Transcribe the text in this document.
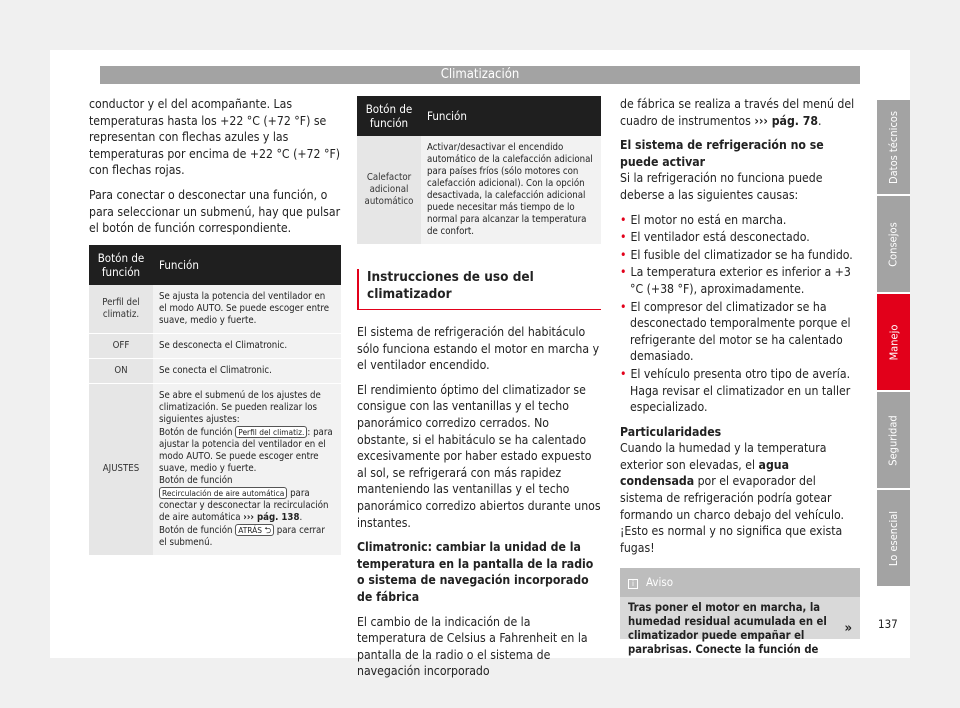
Climatización

conductor y el del acompañante. Las temperaturas hasta los +22 °C (+72 °F) se representan con flechas azules y las temperaturas por encima de +22 °C (+72 °F) con flechas rojas.

Para conectar o desconectar una función, o para seleccionar un submenú, hay que pulsar el botón de función correspondiente.

Botón de función	Función
Perfil del climatiz.	Se ajusta la potencia del ventilador en el modo AUTO. Se puede escoger entre suave, medio y fuerte.
OFF	Se desconecta el Climatronic.
ON	Se conecta el Climatronic.
AJUSTES	Se abre el submenú de los ajustes de climatización. Se pueden realizar los siguientes ajustes:
Botón de función Perfil del climatiz. : para ajustar la potencia del ventilador en el modo AUTO. Se puede escoger entre suave, medio y fuerte.
Botón de función
Recirculación de aire automática para conectar y desconectar la recirculación de aire automática ››› pág. 138.
Botón de función ATRÁS ⮌ para cerrar el submenú.
Botón de función	Función
Calefactor adicional automático	Activar/desactivar el encendido automático de la calefacción adicional para países fríos (sólo motores con calefacción adicional). Con la opción desactivada, la calefacción adicional puede necesitar más tiempo de lo normal para alcanzar la temperatura de confort.
Instrucciones de uso del climatizador

El sistema de refrigeración del habitáculo sólo funciona estando el motor en marcha y el ventilador encendido.

El rendimiento óptimo del climatizador se consigue con las ventanillas y el techo panorámico corredizo cerrados. No obstante, si el habitáculo se ha calentado excesivamente por haber estado expuesto al sol, se refrigerará con más rapidez manteniendo las ventanillas y el techo panorámico corredizo abiertos durante unos instantes.

Climatronic: cambiar la unidad de la temperatura en la pantalla de la radio o sistema de navegación incorporado de fábrica

El cambio de la indicación de la temperatura de Celsius a Fahrenheit en la pantalla de la radio o el sistema de navegación incorporado

de fábrica se realiza a través del menú del cuadro de instrumentos ››› pág. 78.

El sistema de refrigeración no se puede activar

Si la refrigeración no funciona puede deberse a las siguientes causas:

• El motor no está en marcha.
• El ventilador está desconectado.
• El fusible del climatizador se ha fundido.
• La temperatura exterior es inferior a +3 °C (+38 °F), aproximadamente.
• El compresor del climatizador se ha desconectado temporalmente porque el refrigerante del motor se ha calentado demasiado.
• El vehículo presenta otro tipo de avería. Haga revisar el climatizador en un taller especializado.

Particularidades

Cuando la humedad y la temperatura exterior son elevadas, el agua condensada por el evaporador del sistema de refrigeración podría gotear formando un charco debajo del vehículo. ¡Esto es normal y no significa que exista fugas!

i Aviso
Tras poner el motor en marcha, la humedad residual acumulada en el climatizador puede empañar el parabrisas. Conecte la función de
»
Datos técnicos
Consejos
Manejo
Seguridad
Lo esencial
137
